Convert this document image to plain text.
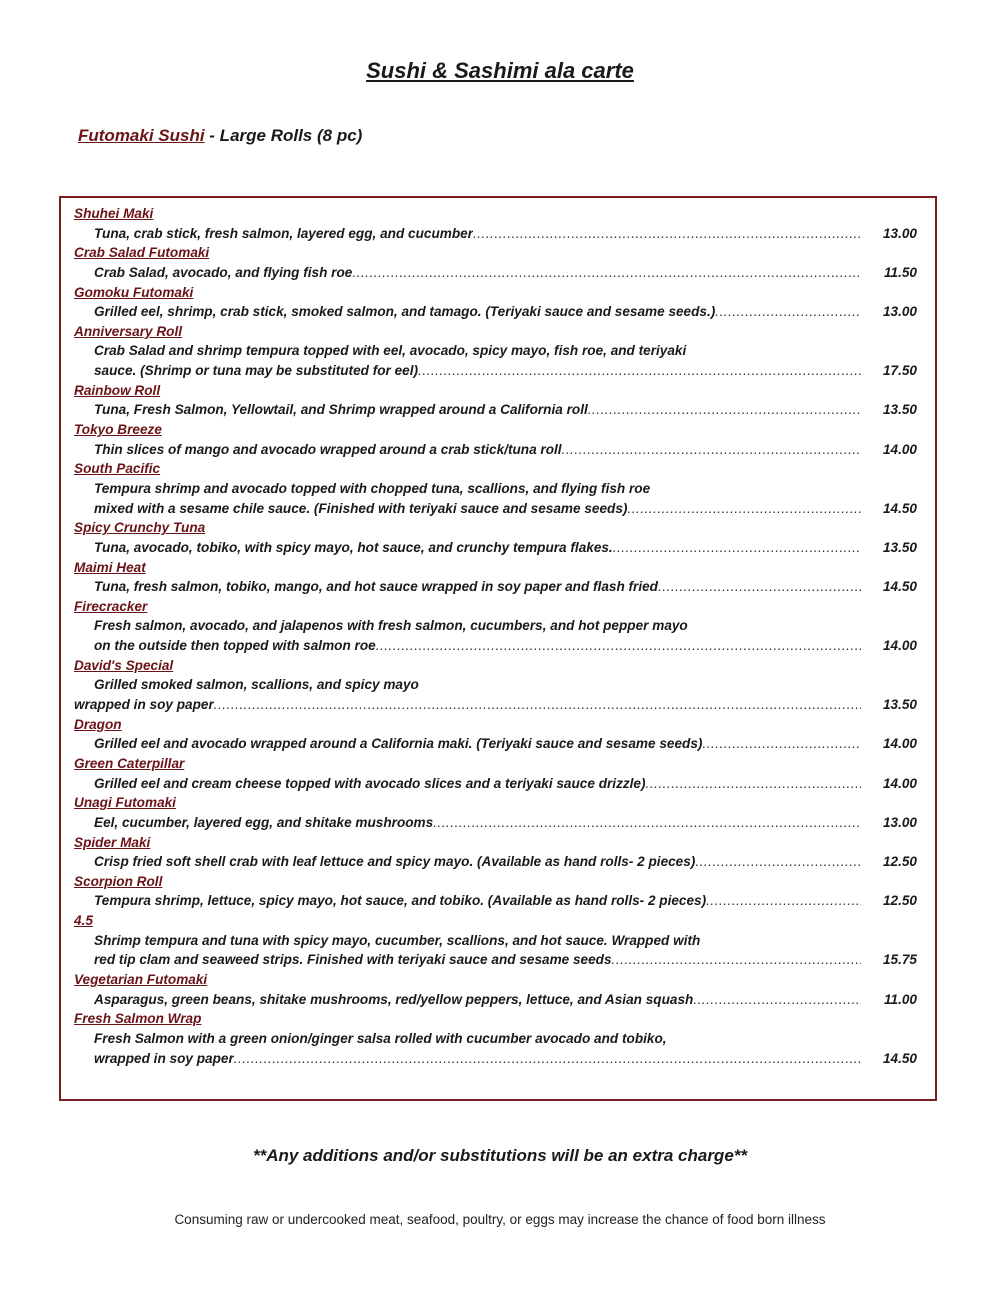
Sushi & Sashimi ala carte
Futomaki Sushi - Large Rolls (8 pc)
Shuhei Maki
Tuna, crab stick, fresh salmon, layered egg, and cucumber .....	13.00
Crab Salad Futomaki
Crab Salad, avocado, and flying fish roe .....	11.50
Gomoku Futomaki
Grilled eel, shrimp, crab stick, smoked salmon, and tamago. (Teriyaki sauce and sesame seeds.) .....	13.00
Anniversary Roll
Crab Salad and shrimp tempura topped with eel, avocado, spicy mayo, fish roe, and teriyaki
sauce. (Shrimp or tuna may be substituted for eel) .....	17.50
Rainbow Roll
Tuna, Fresh Salmon, Yellowtail, and Shrimp wrapped around a California roll .....	13.50
Tokyo Breeze
Thin slices of mango and avocado wrapped around a crab stick/tuna roll .....	14.00
South Pacific
Tempura shrimp and avocado topped with chopped tuna, scallions, and flying fish roe
mixed with a sesame chile sauce. (Finished with teriyaki sauce and sesame seeds) .....	14.50
Spicy Crunchy Tuna
Tuna, avocado, tobiko, with spicy mayo, hot sauce, and crunchy tempura flakes. .....	13.50
Maimi Heat
Tuna, fresh salmon, tobiko, mango, and hot sauce wrapped in soy paper and flash fried .....	14.50
Firecracker
Fresh salmon, avocado, and jalapenos with fresh salmon, cucumbers, and hot pepper mayo
on the outside then topped with salmon roe .....	14.00
David's Special
Grilled smoked salmon, scallions, and spicy mayo
wrapped in soy paper .....	13.50
Dragon
Grilled eel and avocado wrapped around a California maki. (Teriyaki sauce and sesame seeds) .....	14.00
Green Caterpillar
Grilled eel and cream cheese topped with avocado slices and a teriyaki sauce drizzle) .....	14.00
Unagi Futomaki
Eel, cucumber, layered egg, and shitake mushrooms .....	13.00
Spider Maki
Crisp fried soft shell crab with leaf lettuce and spicy mayo. (Available as hand rolls- 2 pieces) .....	12.50
Scorpion Roll
Tempura shrimp, lettuce, spicy mayo, hot sauce, and tobiko. (Available as hand rolls- 2 pieces) .....	12.50
4.5
Shrimp tempura and tuna with spicy mayo, cucumber, scallions, and hot sauce. Wrapped with
red tip clam and seaweed strips. Finished with teriyaki sauce and sesame seeds .....	15.75
Vegetarian Futomaki
Asparagus, green beans, shitake mushrooms, red/yellow peppers, lettuce, and Asian squash .....	11.00
Fresh Salmon Wrap
Fresh Salmon with a green onion/ginger salsa rolled with cucumber avocado and tobiko,
wrapped in soy paper .....	14.50
**Any additions and/or substitutions will be an extra charge**
Consuming raw or undercooked meat, seafood, poultry, or eggs may increase the chance of food born illness
